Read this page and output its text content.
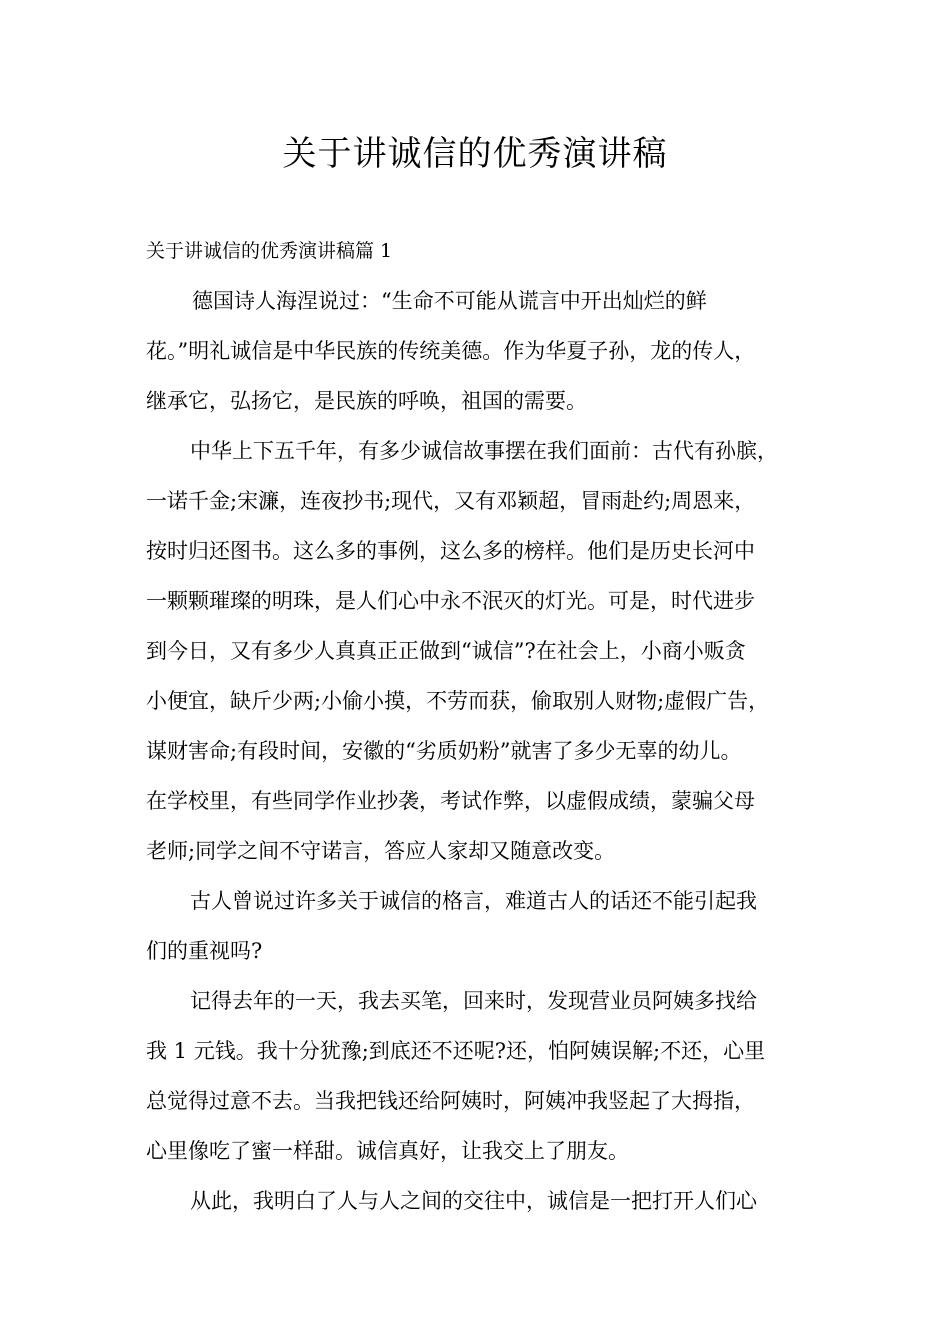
关于讲诚信的优秀演讲稿

关于讲诚信的优秀演讲稿篇 1

德国诗人海涅说过：“生命不可能从谎言中开出灿烂的鲜

花。”明礼诚信是中华民族的传统美德。作为华夏子孙，龙的传人，

继承它，弘扬它，是民族的呼唤，祖国的需要。

中华上下五千年，有多少诚信故事摆在我们面前：古代有孙膑，

一诺千金;宋濂，连夜抄书;现代，又有邓颖超，冒雨赴约;周恩来，

按时归还图书。这么多的事例，这么多的榜样。他们是历史长河中

一颗颗璀璨的明珠，是人们心中永不泯灭的灯光。可是，时代进步

到今日，又有多少人真真正正做到“诚信”?在社会上，小商小贩贪

小便宜，缺斤少两;小偷小摸，不劳而获，偷取别人财物;虚假广告，

谋财害命;有段时间，安徽的“劣质奶粉”就害了多少无辜的幼儿。

在学校里，有些同学作业抄袭，考试作弊，以虚假成绩，蒙骗父母

老师;同学之间不守诺言，答应人家却又随意改变。

古人曾说过许多关于诚信的格言，难道古人的话还不能引起我

们的重视吗?

记得去年的一天，我去买笔，回来时，发现营业员阿姨多找给

我 1 元钱。我十分犹豫;到底还不还呢?还，怕阿姨误解;不还，心里

总觉得过意不去。当我把钱还给阿姨时，阿姨冲我竖起了大拇指，

心里像吃了蜜一样甜。诚信真好，让我交上了朋友。

从此，我明白了人与人之间的交往中，诚信是一把打开人们心
